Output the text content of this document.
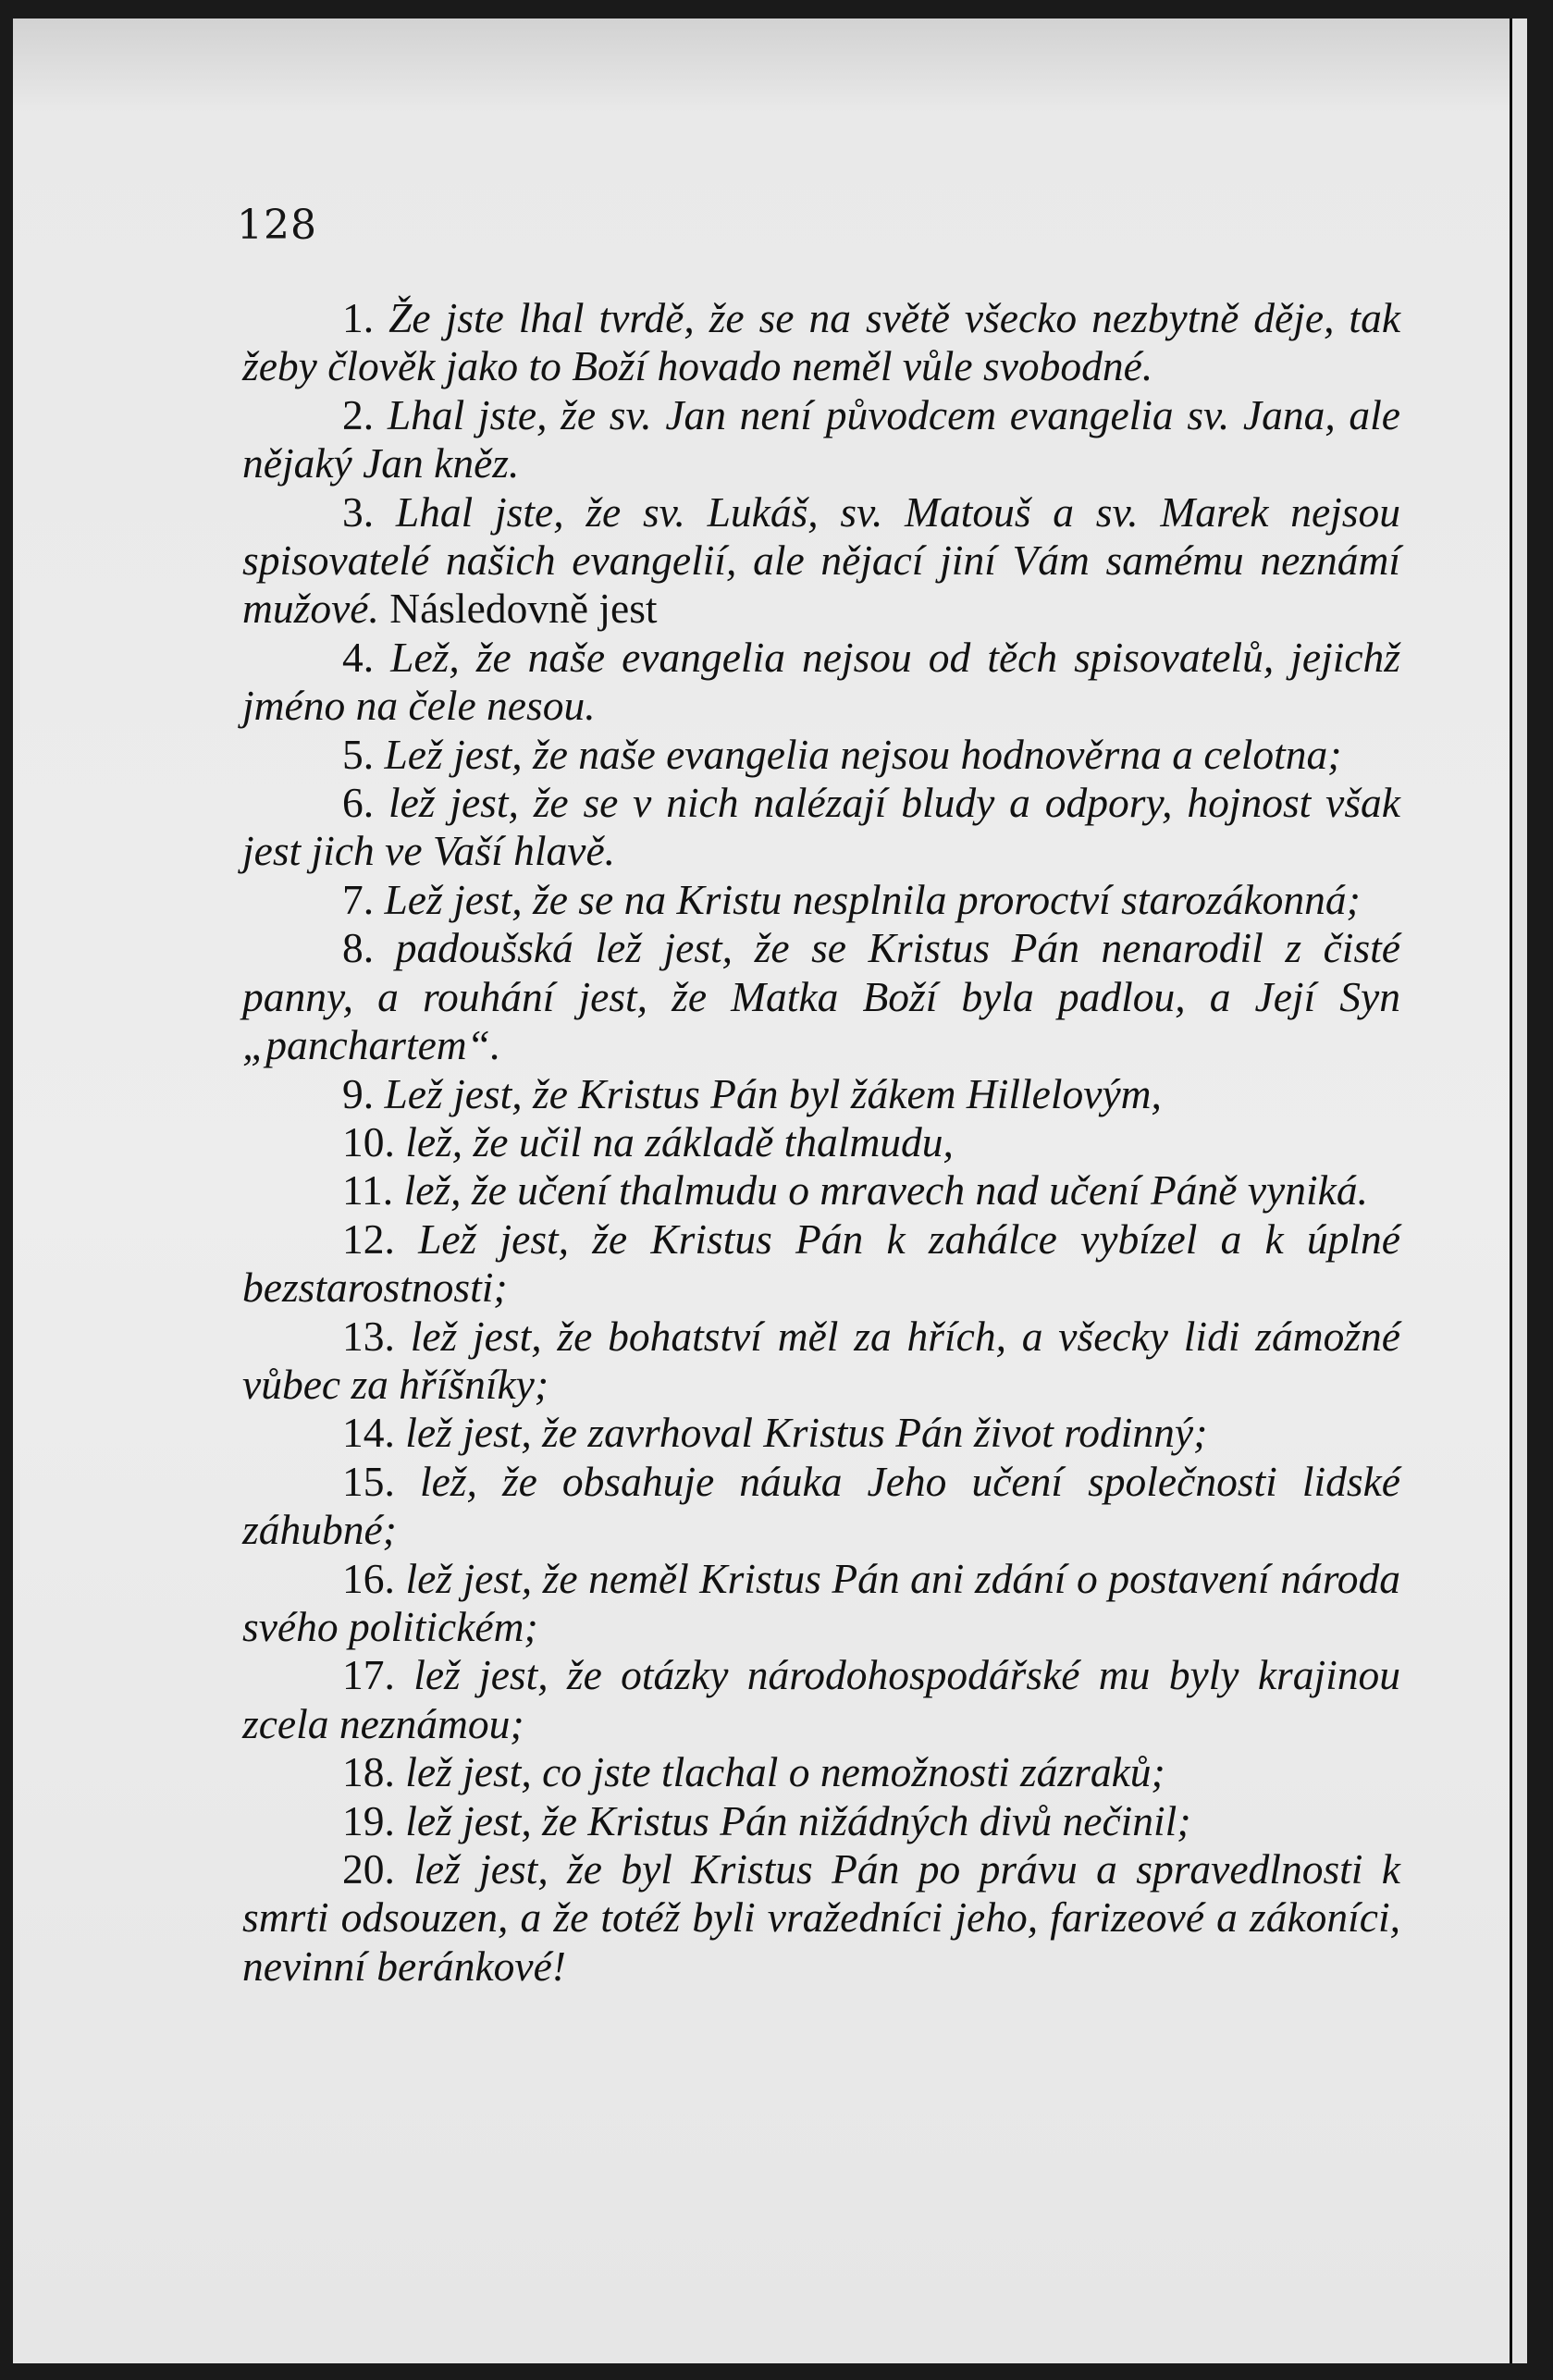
128

1. Že jste lhal tvrdě, že se na světě všecko nezbytně děje, tak žeby člověk jako to Boží hovado neměl vůle svobodné.

2. Lhal jste, že sv. Jan není původcem evangelia sv. Jana, ale nějaký Jan kněz.

3. Lhal jste, že sv. Lukáš, sv. Matouš a sv. Marek nejsou spisovatelé našich evangelií, ale nějací jiní Vám samému neznámí mužové. Následovně jest

4. Lež, že naše evangelia nejsou od těch spisovatelů, jejichž jméno na čele nesou.

5. Lež jest, že naše evangelia nejsou hodnověrna a celotna;

6. lež jest, že se v nich nalézají bludy a odpory, hojnost však jest jich ve Vaší hlavě.

7. Lež jest, že se na Kristu nesplnila proroctví starozákonná;

8. padoušská lež jest, že se Kristus Pán nenarodil z čisté panny, a rouhání jest, že Matka Boží byla padlou, a Její Syn „panchartem“.

9. Lež jest, že Kristus Pán byl žákem Hillelovým,

10. lež, že učil na základě thalmudu,

11. lež, že učení thalmudu o mravech nad učení Páně vyniká.

12. Lež jest, že Kristus Pán k zahálce vybízel a k úplné bezstarostnosti;

13. lež jest, že bohatství měl za hřích, a všecky lidi zámožné vůbec za hříšníky;

14. lež jest, že zavrhoval Kristus Pán život rodinný;

15. lež, že obsahuje náuka Jeho učení společnosti lidské záhubné;

16. lež jest, že neměl Kristus Pán ani zdání o postavení národa svého politickém;

17. lež jest, že otázky národohospodářské mu byly krajinou zcela neznámou;

18. lež jest, co jste tlachal o nemožnosti zázraků;

19. lež jest, že Kristus Pán nižádných divů nečinil;

20. lež jest, že byl Kristus Pán po právu a spravedlnosti k smrti odsouzen, a že totéž byli vražedníci jeho, farizeové a zákoníci, nevinní beránkové!
